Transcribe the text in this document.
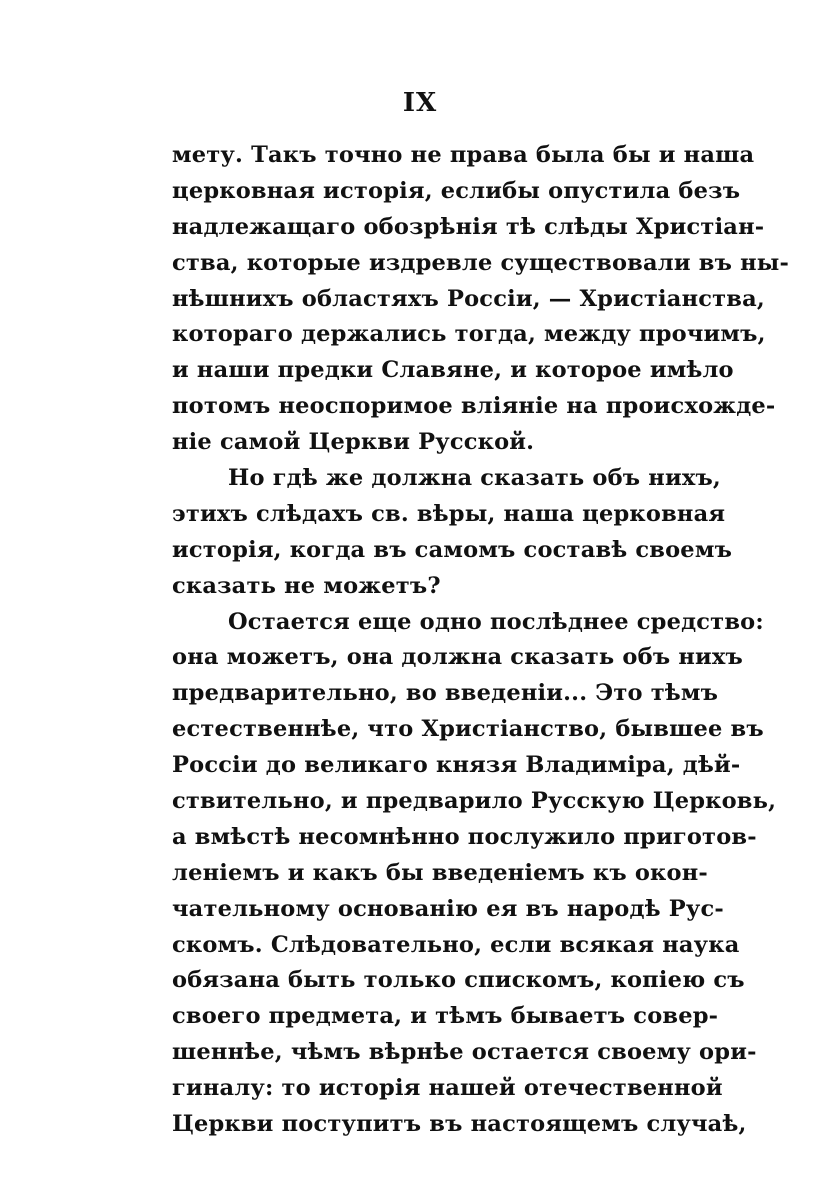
IX
мету. Такъ точно не права была бы и наша
церковная исторія, еслибы опустила безъ
надлежащаго обозрѣнія тѣ слѣды Христіан-
ства, которые издревле существовали въ ны-
нѣшнихъ областяхъ Россіи, — Христіанства,
котораго держались тогда, между прочимъ,
и наши предки Славяне, и которое имѣло
потомъ неоспоримое вліяніе на происхожде-
ніе самой Церкви Русской.
Но гдѣ же должна сказать объ нихъ,
этихъ слѣдахъ св. вѣры, наша церковная
исторія, когда въ самомъ составѣ своемъ
сказать не можетъ?
Остается еще одно послѣднее средство:
она можетъ, она должна сказать объ нихъ
предварительно, во введеніи... Это тѣмъ
естественнѣе, что Христіанство, бывшее въ
Россіи до великаго князя Владиміра, дѣй-
ствительно, и предварило Русскую Церковь,
а вмѣстѣ несомнѣнно послужило приготов-
леніемъ и какъ бы введеніемъ къ окон-
чательному основанію ея въ народѣ Рус-
скомъ. Слѣдовательно, если всякая наука
обязана быть только спискомъ, копіею съ
своего предмета, и тѣмъ бываетъ совер-
шеннѣе, чѣмъ вѣрнѣе остается своему ори-
гиналу: то исторія нашей отечественной
Церкви поступитъ въ настоящемъ случаѣ,
